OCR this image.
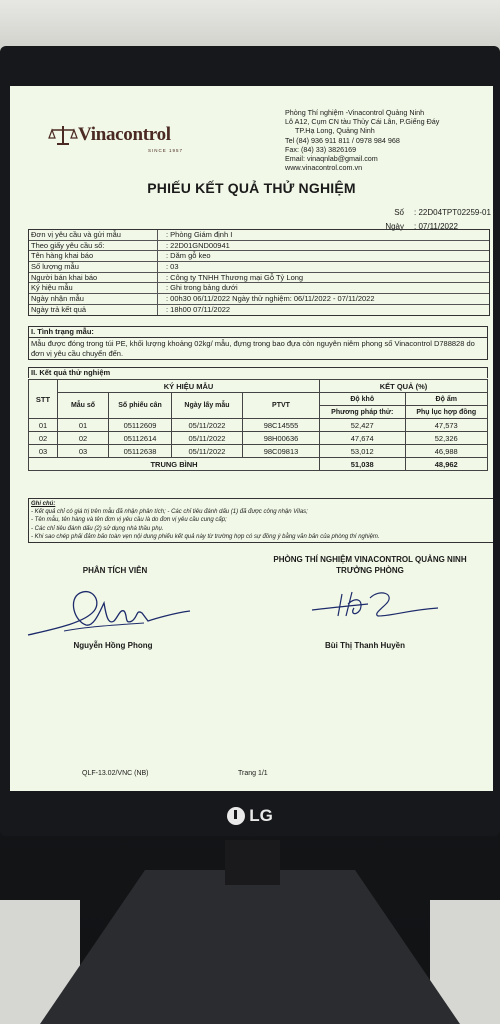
Vinacontrol
SINCE 1957
Phòng Thí nghiệm -Vinacontrol Quảng Ninh
Lô A12, Cụm CN tàu Thủy Cái Lân, P.Giếng Đáy
TP.Hạ Long, Quảng Ninh
Tel (84) 936 911 811 / 0978 984 968
Fax: (84) 33) 3826169
Email: vinaqnlab@gmail.com
www.vinacontrol.com.vn
PHIẾU KẾT QUẢ THỬ NGHIỆM
Số : 22D04TPT02259-01
Ngày : 07/11/2022
Đơn vị yêu cầu và gửi mẫu	: Phòng Giám định I
Theo giấy yêu cầu số:	: 22D01GND00941
Tên hàng khai báo	: Dăm gỗ keo
Số lượng mẫu	: 03
Người bán khai báo	: Công ty TNHH Thương mại Gỗ Tỷ Long
Ký hiệu mẫu	: Ghi trong bảng dưới
Ngày nhận mẫu	: 00h30 06/11/2022 Ngày thử nghiệm: 06/11/2022 - 07/11/2022
Ngày trả kết quả	: 18h00 07/11/2022
I. Tình trạng mẫu:
Mẫu được đóng trong túi PE, khối lượng khoảng 02kg/ mẫu, đựng trong bao đựa còn nguyên niêm phong số Vinacontrol D788828 do đơn vị yêu cầu chuyển đến.
II. Kết quả thử nghiệm
STT	KÝ HIỆU MẪU				KẾT QUẢ (%)	
	Mẫu số	Số phiếu cân	Ngày lấy mẫu	PTVT	Độ khô	Độ ẩm
					Phương pháp thử:	Phụ lục hợp đồng
01	01	05112609	05/11/2022	98C14555	52,427	47,573
02	02	05112614	05/11/2022	98H00636	47,674	52,326
03	03	05112638	05/11/2022	98C09813	53,012	46,988
TRUNG BÌNH					51,038	48,962
Ghi chú:
- Kết quả chỉ có giá trị trên mẫu đã nhận phân tích; - Các chỉ tiêu đánh dấu (1) đã được công nhận Vilas;
- Tên mẫu, tên hàng và tên đơn vị yêu cầu là do đơn vị yêu cầu cung cấp;
- Các chỉ tiêu đánh dấu (2) sử dụng nhà thầu phụ.
- Khi sao chép phải đảm bảo toàn vẹn nội dung phiếu kết quả này từ trường hợp có sự đồng ý bằng văn bản của phòng thí nghiệm.
PHÂN TÍCH VIÊN
PHÒNG THÍ NGHIỆM VINACONTROL QUẢNG NINH
TRƯỞNG PHÒNG
Nguyễn Hồng Phong	Bùi Thị Thanh Huyền
QLF-13.02/VNC (NB)	Trang 1/1
LG
